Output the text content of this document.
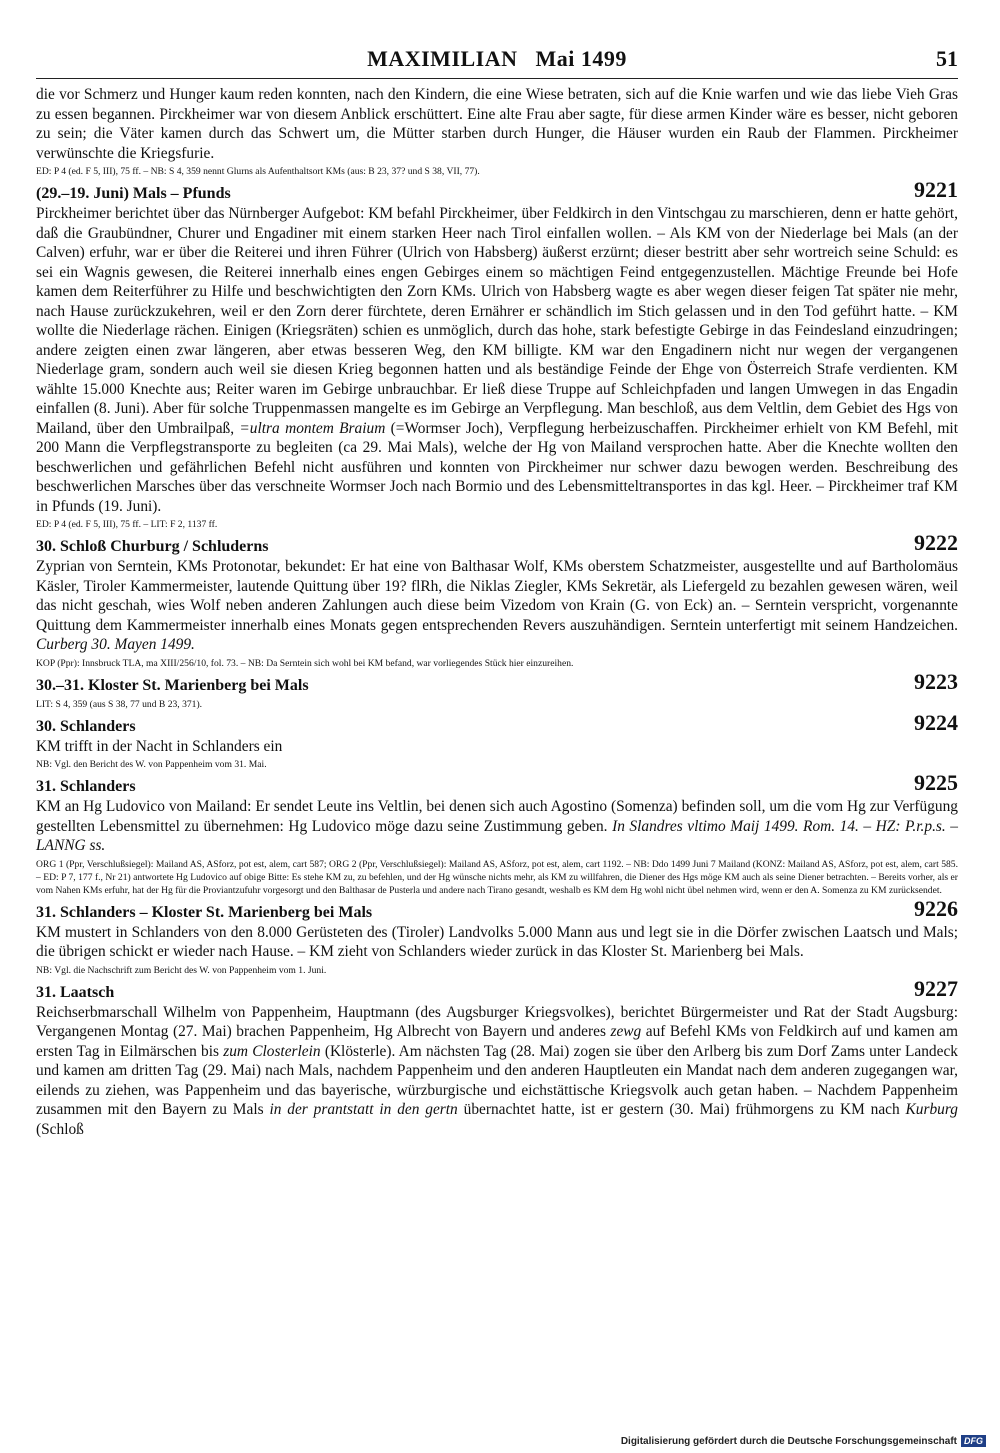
MAXIMILIAN Mai 1499	51

die vor Schmerz und Hunger kaum reden konnten, nach den Kindern, die eine Wiese betraten, sich auf die Knie warfen und wie das liebe Vieh Gras zu essen begannen. Pirckheimer war von diesem Anblick erschüttert. Eine alte Frau aber sagte, für diese armen Kinder wäre es besser, nicht geboren zu sein; die Väter kamen durch das Schwert um, die Mütter starben durch Hunger, die Häuser wurden ein Raub der Flammen. Pirckheimer verwünschte die Kriegsfurie.

ED: P 4 (ed. F 5, III), 75 ff. – NB: S 4, 359 nennt Glurns als Aufenthaltsort KMs (aus: B 23, 37? und S 38, VII, 77).
(29.–19. Juni) Mals – Pfunds	9221

Pirckheimer berichtet über das Nürnberger Aufgebot: KM befahl Pirckheimer, über Feldkirch in den Vintschgau zu marschieren, denn er hatte gehört, daß die Graubündner, Churer und Engadiner mit einem starken Heer nach Tirol einfallen wollen. – Als KM von der Niederlage bei Mals (an der Calven) erfuhr, war er über die Reiterei und ihren Führer (Ulrich von Habsberg) äußerst erzürnt; dieser bestritt aber sehr wortreich seine Schuld: es sei ein Wagnis gewesen, die Reiterei innerhalb eines engen Gebirges einem so mächtigen Feind entgegenzustellen. Mächtige Freunde bei Hofe kamen dem Reiterführer zu Hilfe und beschwichtigten den Zorn KMs. Ulrich von Habsberg wagte es aber wegen dieser feigen Tat später nie mehr, nach Hause zurückzukehren, weil er den Zorn derer fürchtete, deren Ernährer er schändlich im Stich gelassen und in den Tod geführt hatte. – KM wollte die Niederlage rächen. Einigen (Kriegsräten) schien es unmöglich, durch das hohe, stark befestigte Gebirge in das Feindesland einzudringen; andere zeigten einen zwar längeren, aber etwas besseren Weg, den KM billigte. KM war den Engadinern nicht nur wegen der vergangenen Niederlage gram, sondern auch weil sie diesen Krieg begonnen hatten und als beständige Feinde der Ehge von Österreich Strafe verdienten. KM wählte 15.000 Knechte aus; Reiter waren im Gebirge unbrauchbar. Er ließ diese Truppe auf Schleichpfaden und langen Umwegen in das Engadin einfallen (8. Juni). Aber für solche Truppenmassen mangelte es im Gebirge an Verpflegung. Man beschloß, aus dem Veltlin, dem Gebiet des Hgs von Mailand, über den Umbrailpaß, =ultra montem Braium (=Wormser Joch), Verpflegung herbeizuschaffen. Pirckheimer erhielt von KM Befehl, mit 200 Mann die Verpflegstransporte zu begleiten (ca 29. Mai Mals), welche der Hg von Mailand versprochen hatte. Aber die Knechte wollten den beschwerlichen und gefährlichen Befehl nicht ausführen und konnten von Pirckheimer nur schwer dazu bewogen werden. Beschreibung des beschwerlichen Marsches über das verschneite Wormser Joch nach Bormio und des Lebensmitteltransportes in das kgl. Heer. – Pirckheimer traf KM in Pfunds (19. Juni).

ED: P 4 (ed. F 5, III), 75 ff. – LIT: F 2, 1137 ff.
30. Schloß Churburg / Schluderns	9222

Zyprian von Serntein, KMs Protonotar, bekundet: Er hat eine von Balthasar Wolf, KMs oberstem Schatzmeister, ausgestellte und auf Bartholomäus Käsler, Tiroler Kammermeister, lautende Quittung über 19? flRh, die Niklas Ziegler, KMs Sekretär, als Liefergeld zu bezahlen gewesen wären, weil das nicht geschah, wies Wolf neben anderen Zahlungen auch diese beim Vizedom von Krain (G. von Eck) an. – Serntein verspricht, vorgenannte Quittung dem Kammermeister innerhalb eines Monats gegen entsprechenden Revers auszuhändigen. Serntein unterfertigt mit seinem Handzeichen. Curberg 30. Mayen 1499.

KOP (Ppr): Innsbruck TLA, ma XIII/256/10, fol. 73. – NB: Da Serntein sich wohl bei KM befand, war vorliegendes Stück hier einzureihen.
30.–31. Kloster St. Marienberg bei Mals	9223
LIT: S 4, 359 (aus S 38, 77 und B 23, 371).
30. Schlanders	9224

KM trifft in der Nacht in Schlanders ein

NB: Vgl. den Bericht des W. von Pappenheim vom 31. Mai.
31. Schlanders	9225

KM an Hg Ludovico von Mailand: Er sendet Leute ins Veltlin, bei denen sich auch Agostino (Somenza) befinden soll, um die vom Hg zur Verfügung gestellten Lebensmittel zu übernehmen: Hg Ludovico möge dazu seine Zustimmung geben. In Slandres vltimo Maij 1499. Rom. 14. – HZ: P.r.p.s. – LANNG ss.

ORG 1 (Ppr, Verschlußsiegel): Mailand AS, ASforz, pot est, alem, cart 587; ORG 2 (Ppr, Verschlußsiegel): Mailand AS, ASforz, pot est, alem, cart 1192. – NB: Ddo 1499 Juni 7 Mailand (KONZ: Mailand AS, ASforz, pot est, alem, cart 585. – ED: P 7, 177 f., Nr 21) antwortete Hg Ludovico auf obige Bitte: Es stehe KM zu, zu befehlen, und der Hg wünsche nichts mehr, als KM zu willfahren, die Diener des Hgs möge KM auch als seine Diener betrachten. – Bereits vorher, als er vom Nahen KMs erfuhr, hat der Hg für die Proviantzufuhr vorgesorgt und den Balthasar de Pusterla und andere nach Tirano gesandt, weshalb es KM dem Hg wohl nicht übel nehmen wird, wenn er den A. Somenza zu KM zurücksendet.
31. Schlanders – Kloster St. Marienberg bei Mals	9226

KM mustert in Schlanders von den 8.000 Gerüsteten des (Tiroler) Landvolks 5.000 Mann aus und legt sie in die Dörfer zwischen Laatsch und Mals; die übrigen schickt er wieder nach Hause. – KM zieht von Schlanders wieder zurück in das Kloster St. Marienberg bei Mals.

NB: Vgl. die Nachschrift zum Bericht des W. von Pappenheim vom 1. Juni.
31. Laatsch	9227

Reichserbmarschall Wilhelm von Pappenheim, Hauptmann (des Augsburger Kriegsvolkes), berichtet Bürgermeister und Rat der Stadt Augsburg: Vergangenen Montag (27. Mai) brachen Pappenheim, Hg Albrecht von Bayern und anderes zewg auf Befehl KMs von Feldkirch auf und kamen am ersten Tag in Eilmärschen bis zum Closterlein (Klösterle). Am nächsten Tag (28. Mai) zogen sie über den Arlberg bis zum Dorf Zams unter Landeck und kamen am dritten Tag (29. Mai) nach Mals, nachdem Pappenheim und den anderen Hauptleuten ein Mandat nach dem anderen zugegangen war, eilends zu ziehen, was Pappenheim und das bayerische, würzburgische und eichstättische Kriegsvolk auch getan haben. – Nachdem Pappenheim zusammen mit den Bayern zu Mals in der prantstatt in den gertn übernachtet hatte, ist er gestern (30. Mai) frühmorgens zu KM nach Kurburg (Schloß

Digitalisierung gefördert durch die Deutsche Forschungsgemeinschaft DFG
